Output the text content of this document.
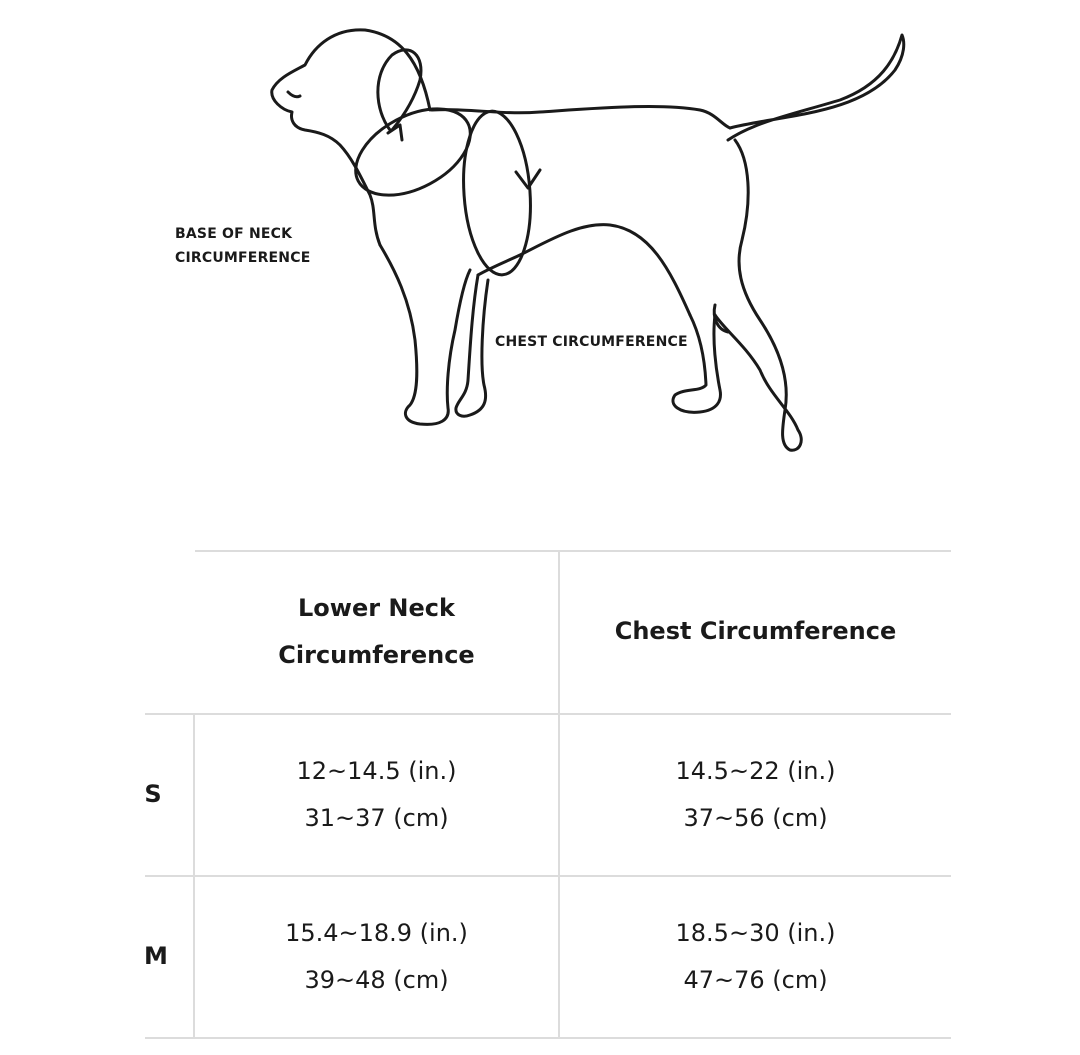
BASE OF NECK
CIRCUMFERENCE
CHEST CIRCUMFERENCE
Lower Neck
Circumference
Chest Circumference
S
12~14.5 (in.)
31~37 (cm)
14.5~22 (in.)
37~56 (cm)
M
15.4~18.9 (in.)
39~48 (cm)
18.5~30 (in.)
47~76 (cm)
